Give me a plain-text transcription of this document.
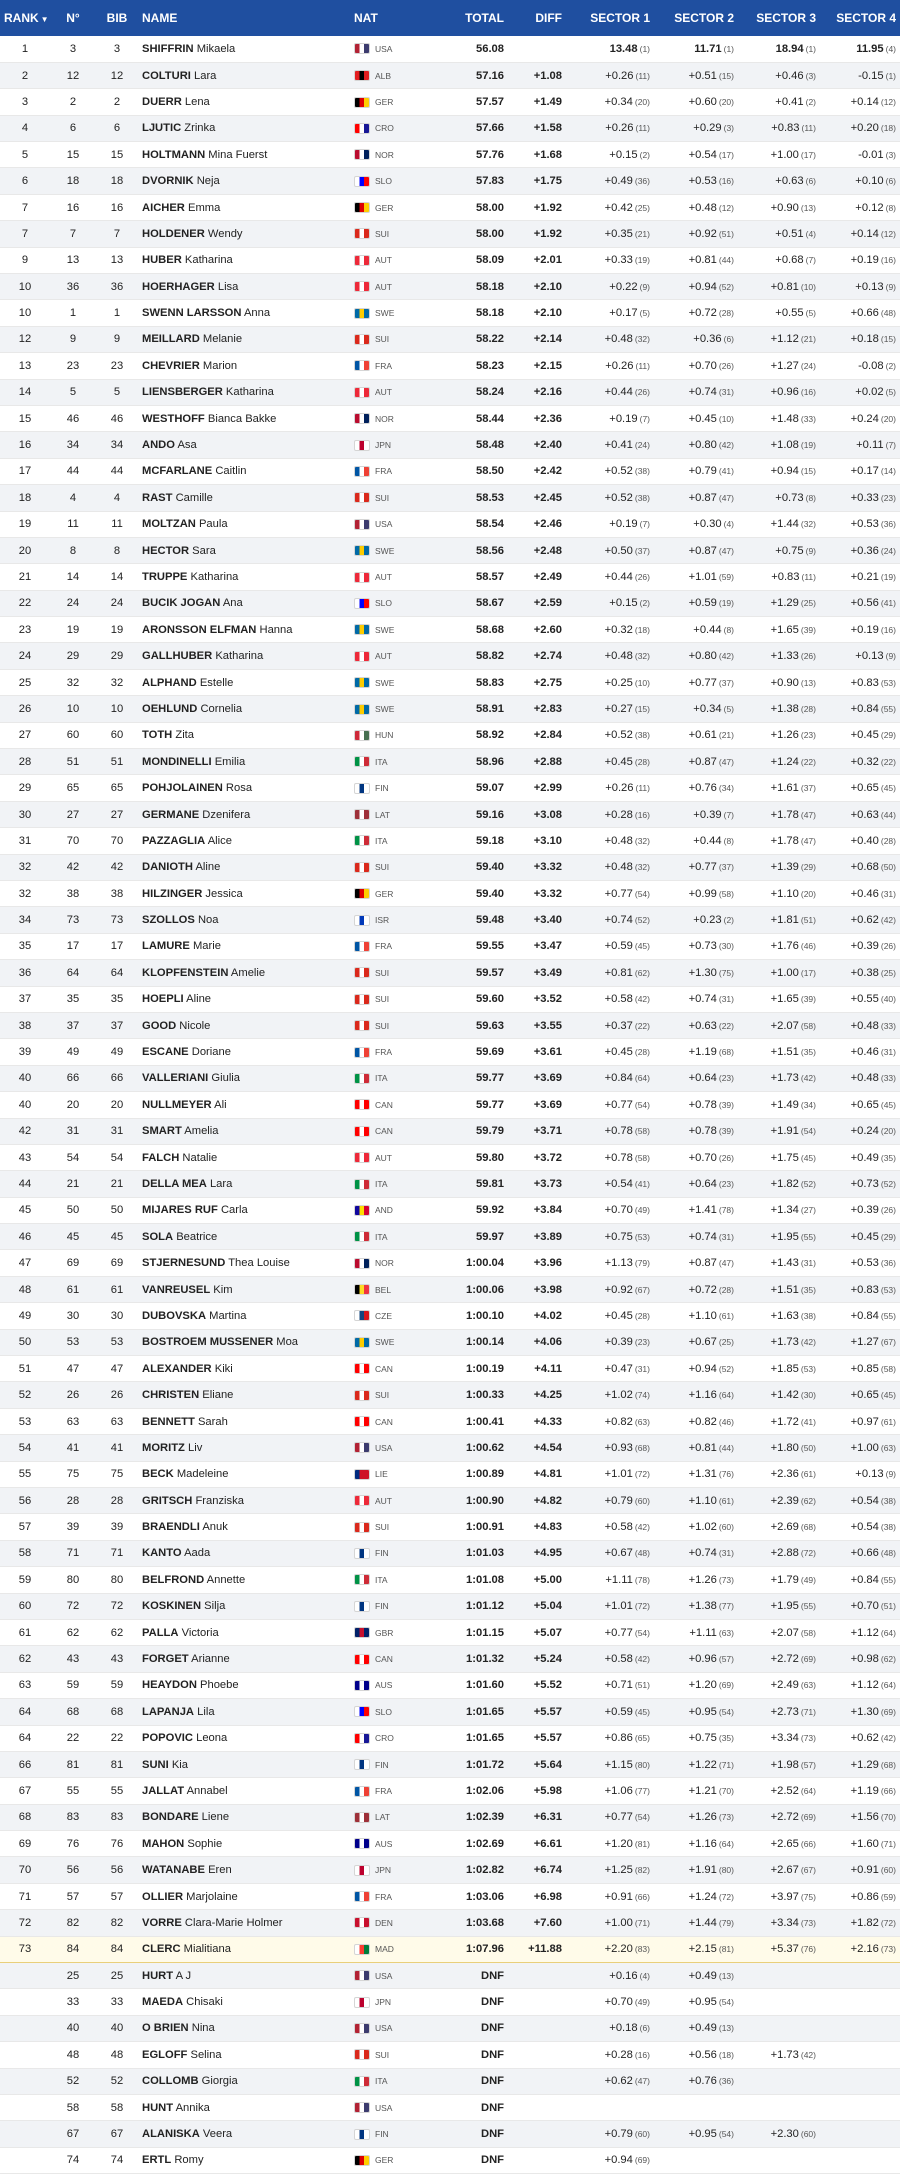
RANK ▼	N°	BIB	NAME	NAT	TOTAL	DIFF	SECTOR 1	SECTOR 2	SECTOR 3	SECTOR 4
1	3	3	SHIFFRIN Mikaela	USA	56.08		13.48 (1)	11.71 (1)	18.94 (1)	11.95 (4)
2	12	12	COLTURI Lara	ALB	57.16	+1.08	+0.26 (11)	+0.51 (15)	+0.46 (3)	-0.15 (1)
3	2	2	DUERR Lena	GER	57.57	+1.49	+0.34 (20)	+0.60 (20)	+0.41 (2)	+0.14 (12)
4	6	6	LJUTIC Zrinka	CRO	57.66	+1.58	+0.26 (11)	+0.29 (3)	+0.83 (11)	+0.20 (18)
5	15	15	HOLTMANN Mina Fuerst	NOR	57.76	+1.68	+0.15 (2)	+0.54 (17)	+1.00 (17)	-0.01 (3)
6	18	18	DVORNIK Neja	SLO	57.83	+1.75	+0.49 (36)	+0.53 (16)	+0.63 (6)	+0.10 (6)
7	16	16	AICHER Emma	GER	58.00	+1.92	+0.42 (25)	+0.48 (12)	+0.90 (13)	+0.12 (8)
7	7	7	HOLDENER Wendy	SUI	58.00	+1.92	+0.35 (21)	+0.92 (51)	+0.51 (4)	+0.14 (12)
9	13	13	HUBER Katharina	AUT	58.09	+2.01	+0.33 (19)	+0.81 (44)	+0.68 (7)	+0.19 (16)
10	36	36	HOERHAGER Lisa	AUT	58.18	+2.10	+0.22 (9)	+0.94 (52)	+0.81 (10)	+0.13 (9)
10	1	1	SWENN LARSSON Anna	SWE	58.18	+2.10	+0.17 (5)	+0.72 (28)	+0.55 (5)	+0.66 (48)
12	9	9	MEILLARD Melanie	SUI	58.22	+2.14	+0.48 (32)	+0.36 (6)	+1.12 (21)	+0.18 (15)
13	23	23	CHEVRIER Marion	FRA	58.23	+2.15	+0.26 (11)	+0.70 (26)	+1.27 (24)	-0.08 (2)
14	5	5	LIENSBERGER Katharina	AUT	58.24	+2.16	+0.44 (26)	+0.74 (31)	+0.96 (16)	+0.02 (5)
15	46	46	WESTHOFF Bianca Bakke	NOR	58.44	+2.36	+0.19 (7)	+0.45 (10)	+1.48 (33)	+0.24 (20)
16	34	34	ANDO Asa	JPN	58.48	+2.40	+0.41 (24)	+0.80 (42)	+1.08 (19)	+0.11 (7)
17	44	44	MCFARLANE Caitlin	FRA	58.50	+2.42	+0.52 (38)	+0.79 (41)	+0.94 (15)	+0.17 (14)
18	4	4	RAST Camille	SUI	58.53	+2.45	+0.52 (38)	+0.87 (47)	+0.73 (8)	+0.33 (23)
19	11	11	MOLTZAN Paula	USA	58.54	+2.46	+0.19 (7)	+0.30 (4)	+1.44 (32)	+0.53 (36)
20	8	8	HECTOR Sara	SWE	58.56	+2.48	+0.50 (37)	+0.87 (47)	+0.75 (9)	+0.36 (24)
21	14	14	TRUPPE Katharina	AUT	58.57	+2.49	+0.44 (26)	+1.01 (59)	+0.83 (11)	+0.21 (19)
22	24	24	BUCIK JOGAN Ana	SLO	58.67	+2.59	+0.15 (2)	+0.59 (19)	+1.29 (25)	+0.56 (41)
23	19	19	ARONSSON ELFMAN Hanna	SWE	58.68	+2.60	+0.32 (18)	+0.44 (8)	+1.65 (39)	+0.19 (16)
24	29	29	GALLHUBER Katharina	AUT	58.82	+2.74	+0.48 (32)	+0.80 (42)	+1.33 (26)	+0.13 (9)
25	32	32	ALPHAND Estelle	SWE	58.83	+2.75	+0.25 (10)	+0.77 (37)	+0.90 (13)	+0.83 (53)
26	10	10	OEHLUND Cornelia	SWE	58.91	+2.83	+0.27 (15)	+0.34 (5)	+1.38 (28)	+0.84 (55)
27	60	60	TOTH Zita	HUN	58.92	+2.84	+0.52 (38)	+0.61 (21)	+1.26 (23)	+0.45 (29)
28	51	51	MONDINELLI Emilia	ITA	58.96	+2.88	+0.45 (28)	+0.87 (47)	+1.24 (22)	+0.32 (22)
29	65	65	POHJOLAINEN Rosa	FIN	59.07	+2.99	+0.26 (11)	+0.76 (34)	+1.61 (37)	+0.65 (45)
30	27	27	GERMANE Dzenifera	LAT	59.16	+3.08	+0.28 (16)	+0.39 (7)	+1.78 (47)	+0.63 (44)
31	70	70	PAZZAGLIA Alice	ITA	59.18	+3.10	+0.48 (32)	+0.44 (8)	+1.78 (47)	+0.40 (28)
32	42	42	DANIOTH Aline	SUI	59.40	+3.32	+0.48 (32)	+0.77 (37)	+1.39 (29)	+0.68 (50)
32	38	38	HILZINGER Jessica	GER	59.40	+3.32	+0.77 (54)	+0.99 (58)	+1.10 (20)	+0.46 (31)
34	73	73	SZOLLOS Noa	ISR	59.48	+3.40	+0.74 (52)	+0.23 (2)	+1.81 (51)	+0.62 (42)
35	17	17	LAMURE Marie	FRA	59.55	+3.47	+0.59 (45)	+0.73 (30)	+1.76 (46)	+0.39 (26)
36	64	64	KLOPFENSTEIN Amelie	SUI	59.57	+3.49	+0.81 (62)	+1.30 (75)	+1.00 (17)	+0.38 (25)
37	35	35	HOEPLI Aline	SUI	59.60	+3.52	+0.58 (42)	+0.74 (31)	+1.65 (39)	+0.55 (40)
38	37	37	GOOD Nicole	SUI	59.63	+3.55	+0.37 (22)	+0.63 (22)	+2.07 (58)	+0.48 (33)
39	49	49	ESCANE Doriane	FRA	59.69	+3.61	+0.45 (28)	+1.19 (68)	+1.51 (35)	+0.46 (31)
40	66	66	VALLERIANI Giulia	ITA	59.77	+3.69	+0.84 (64)	+0.64 (23)	+1.73 (42)	+0.48 (33)
40	20	20	NULLMEYER Ali	CAN	59.77	+3.69	+0.77 (54)	+0.78 (39)	+1.49 (34)	+0.65 (45)
42	31	31	SMART Amelia	CAN	59.79	+3.71	+0.78 (58)	+0.78 (39)	+1.91 (54)	+0.24 (20)
43	54	54	FALCH Natalie	AUT	59.80	+3.72	+0.78 (58)	+0.70 (26)	+1.75 (45)	+0.49 (35)
44	21	21	DELLA MEA Lara	ITA	59.81	+3.73	+0.54 (41)	+0.64 (23)	+1.82 (52)	+0.73 (52)
45	50	50	MIJARES RUF Carla	AND	59.92	+3.84	+0.70 (49)	+1.41 (78)	+1.34 (27)	+0.39 (26)
46	45	45	SOLA Beatrice	ITA	59.97	+3.89	+0.75 (53)	+0.74 (31)	+1.95 (55)	+0.45 (29)
47	69	69	STJERNESUND Thea Louise	NOR	1:00.04	+3.96	+1.13 (79)	+0.87 (47)	+1.43 (31)	+0.53 (36)
48	61	61	VANREUSEL Kim	BEL	1:00.06	+3.98	+0.92 (67)	+0.72 (28)	+1.51 (35)	+0.83 (53)
49	30	30	DUBOVSKA Martina	CZE	1:00.10	+4.02	+0.45 (28)	+1.10 (61)	+1.63 (38)	+0.84 (55)
50	53	53	BOSTROEM MUSSENER Moa	SWE	1:00.14	+4.06	+0.39 (23)	+0.67 (25)	+1.73 (42)	+1.27 (67)
51	47	47	ALEXANDER Kiki	CAN	1:00.19	+4.11	+0.47 (31)	+0.94 (52)	+1.85 (53)	+0.85 (58)
52	26	26	CHRISTEN Eliane	SUI	1:00.33	+4.25	+1.02 (74)	+1.16 (64)	+1.42 (30)	+0.65 (45)
53	63	63	BENNETT Sarah	CAN	1:00.41	+4.33	+0.82 (63)	+0.82 (46)	+1.72 (41)	+0.97 (61)
54	41	41	MORITZ Liv	USA	1:00.62	+4.54	+0.93 (68)	+0.81 (44)	+1.80 (50)	+1.00 (63)
55	75	75	BECK Madeleine	LIE	1:00.89	+4.81	+1.01 (72)	+1.31 (76)	+2.36 (61)	+0.13 (9)
56	28	28	GRITSCH Franziska	AUT	1:00.90	+4.82	+0.79 (60)	+1.10 (61)	+2.39 (62)	+0.54 (38)
57	39	39	BRAENDLI Anuk	SUI	1:00.91	+4.83	+0.58 (42)	+1.02 (60)	+2.69 (68)	+0.54 (38)
58	71	71	KANTO Aada	FIN	1:01.03	+4.95	+0.67 (48)	+0.74 (31)	+2.88 (72)	+0.66 (48)
59	80	80	BELFROND Annette	ITA	1:01.08	+5.00	+1.11 (78)	+1.26 (73)	+1.79 (49)	+0.84 (55)
60	72	72	KOSKINEN Silja	FIN	1:01.12	+5.04	+1.01 (72)	+1.38 (77)	+1.95 (55)	+0.70 (51)
61	62	62	PALLA Victoria	GBR	1:01.15	+5.07	+0.77 (54)	+1.11 (63)	+2.07 (58)	+1.12 (64)
62	43	43	FORGET Arianne	CAN	1:01.32	+5.24	+0.58 (42)	+0.96 (57)	+2.72 (69)	+0.98 (62)
63	59	59	HEAYDON Phoebe	AUS	1:01.60	+5.52	+0.71 (51)	+1.20 (69)	+2.49 (63)	+1.12 (64)
64	68	68	LAPANJA Lila	SLO	1:01.65	+5.57	+0.59 (45)	+0.95 (54)	+2.73 (71)	+1.30 (69)
64	22	22	POPOVIC Leona	CRO	1:01.65	+5.57	+0.86 (65)	+0.75 (35)	+3.34 (73)	+0.62 (42)
66	81	81	SUNI Kia	FIN	1:01.72	+5.64	+1.15 (80)	+1.22 (71)	+1.98 (57)	+1.29 (68)
67	55	55	JALLAT Annabel	FRA	1:02.06	+5.98	+1.06 (77)	+1.21 (70)	+2.52 (64)	+1.19 (66)
68	83	83	BONDARE Liene	LAT	1:02.39	+6.31	+0.77 (54)	+1.26 (73)	+2.72 (69)	+1.56 (70)
69	76	76	MAHON Sophie	AUS	1:02.69	+6.61	+1.20 (81)	+1.16 (64)	+2.65 (66)	+1.60 (71)
70	56	56	WATANABE Eren	JPN	1:02.82	+6.74	+1.25 (82)	+1.91 (80)	+2.67 (67)	+0.91 (60)
71	57	57	OLLIER Marjolaine	FRA	1:03.06	+6.98	+0.91 (66)	+1.24 (72)	+3.97 (75)	+0.86 (59)
72	82	82	VORRE Clara-Marie Holmer	DEN	1:03.68	+7.60	+1.00 (71)	+1.44 (79)	+3.34 (73)	+1.82 (72)
73	84	84	CLERC Mialitiana	MAD	1:07.96	+11.88	+2.20 (83)	+2.15 (81)	+5.37 (76)	+2.16 (73)
	25	25	HURT A J	USA	DNF		+0.16 (4)	+0.49 (13)		
	33	33	MAEDA Chisaki	JPN	DNF		+0.70 (49)	+0.95 (54)		
	40	40	O BRIEN Nina	USA	DNF		+0.18 (6)	+0.49 (13)		
	48	48	EGLOFF Selina	SUI	DNF		+0.28 (16)	+0.56 (18)	+1.73 (42)	
	52	52	COLLOMB Giorgia	ITA	DNF		+0.62 (47)	+0.76 (36)		
	58	58	HUNT Annika	USA	DNF					
	67	67	ALANISKA Veera	FIN	DNF		+0.79 (60)	+0.95 (54)	+2.30 (60)	
	74	74	ERTL Romy	GER	DNF		+0.94 (69)			
